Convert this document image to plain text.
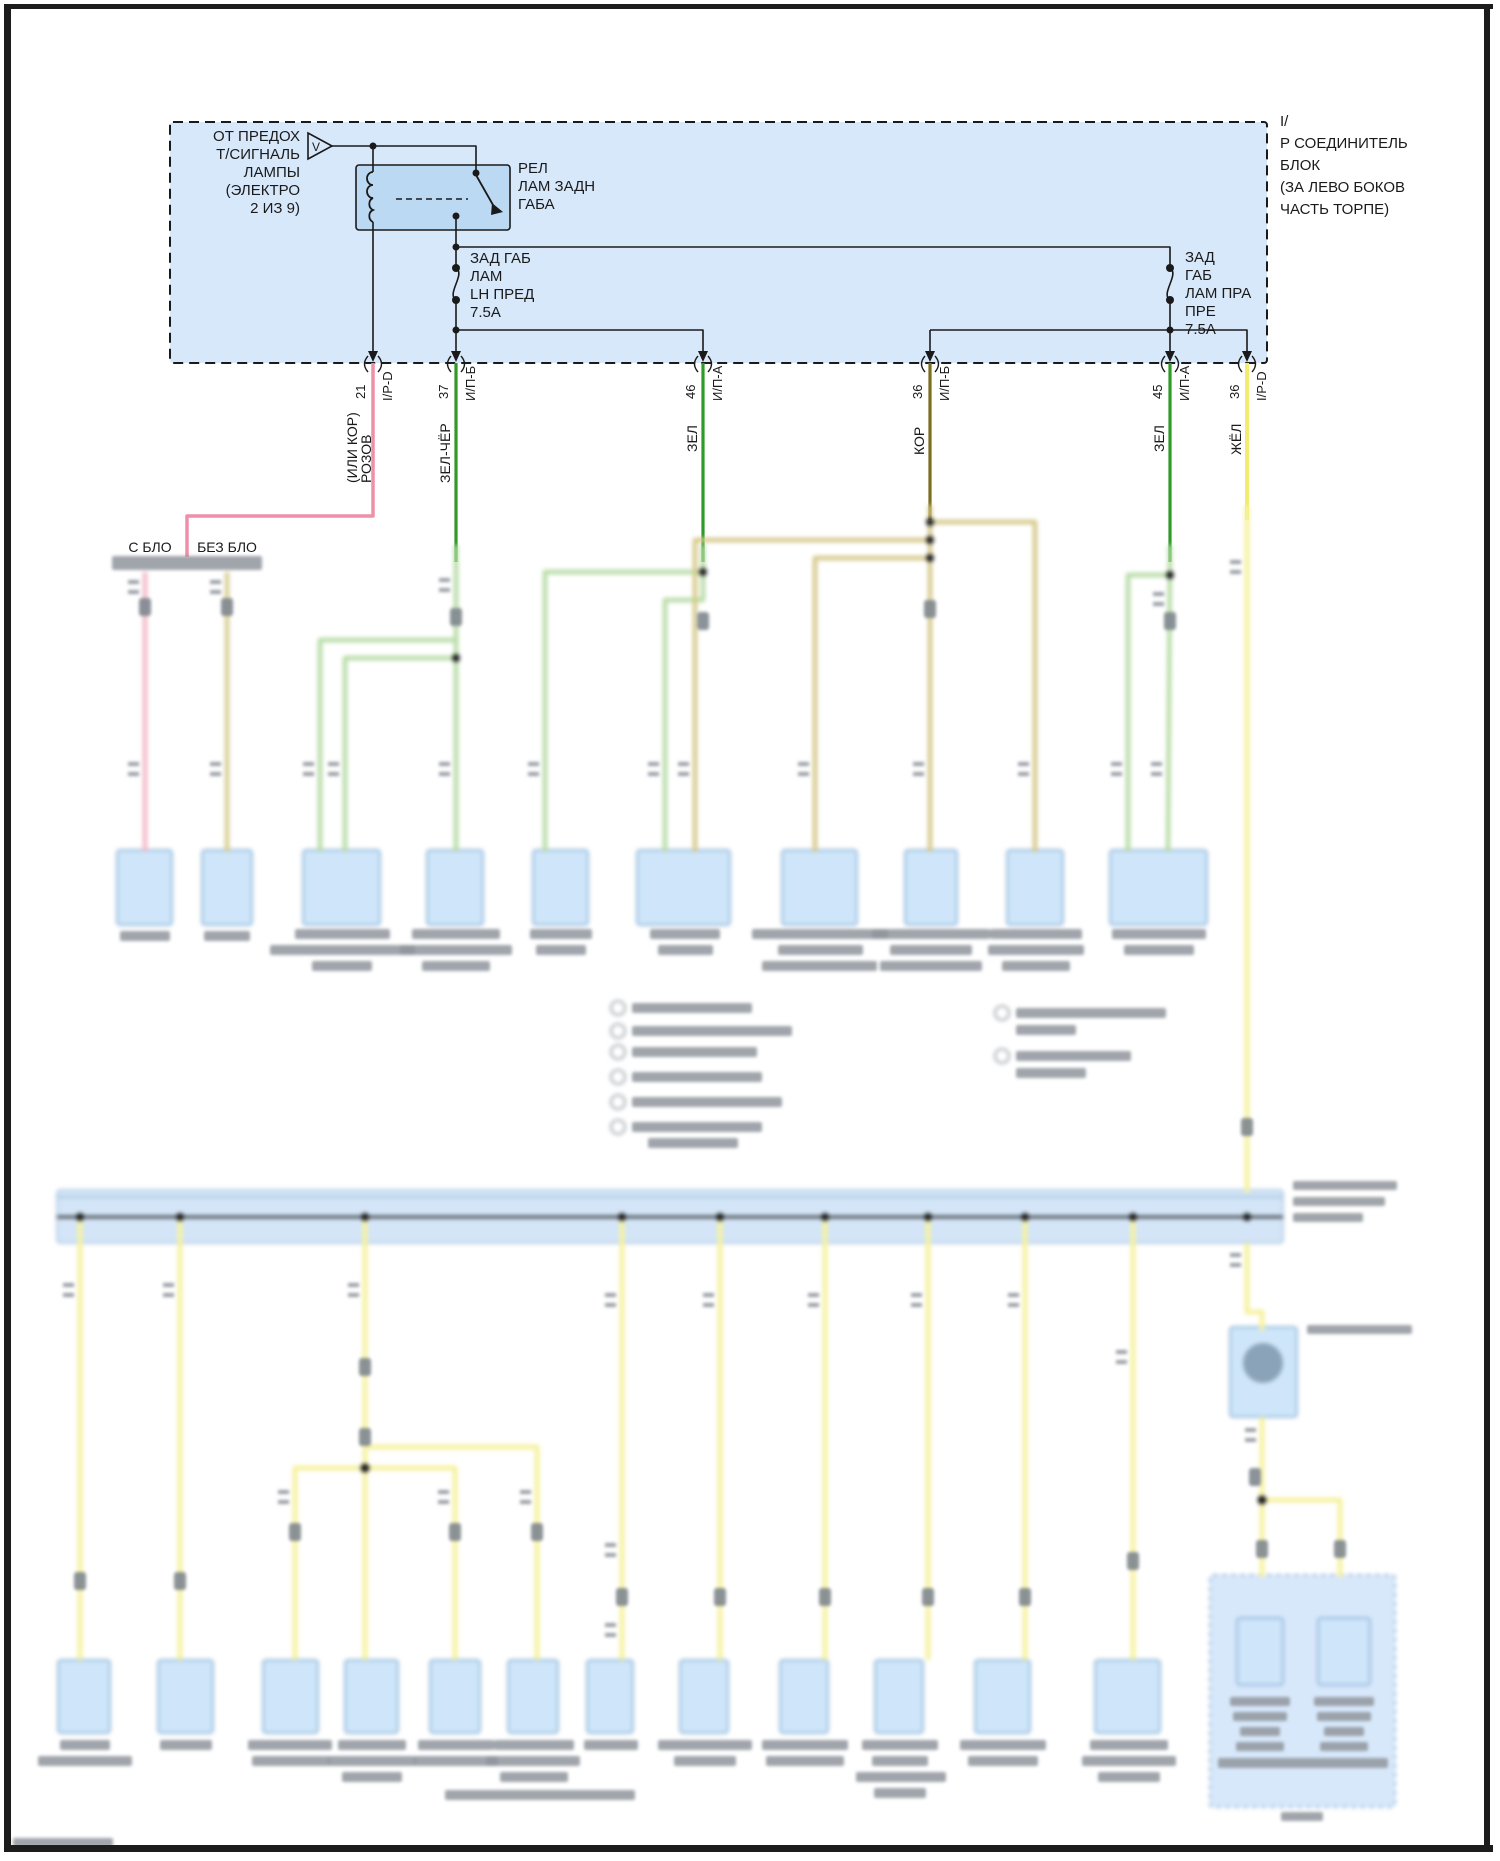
ОТ ПРЕДОХ
Т/СИГНАЛЬ
ЛАМПЫ
(ЭЛЕКТРО
2 ИЗ 9)
V
РЕЛ
ЛАМ ЗАДН
ГАБА
ЗАД ГАБ
ЛАМ
LH ПРЕД
7.5А
ЗАД
ГАБ
ЛАМ ПРА
ПРЕ
7.5А
I/
Р СОЕДИНИТЕЛЬ
БЛОК
(ЗА ЛЕВО БОКОВ
ЧАСТЬ ТОРПЕ)
С БЛО БЕЗ БЛО
21 I/P-D	37 И/П-Б	46 И/П-А	36 И/П-Б	45 И/П-А	36 I/P-D
(ИЛИ КОР)
РОЗОВ	ЗЕЛ-ЧЁР	ЗЕЛ	КОР	ЗЕЛ	ЖЁЛ
